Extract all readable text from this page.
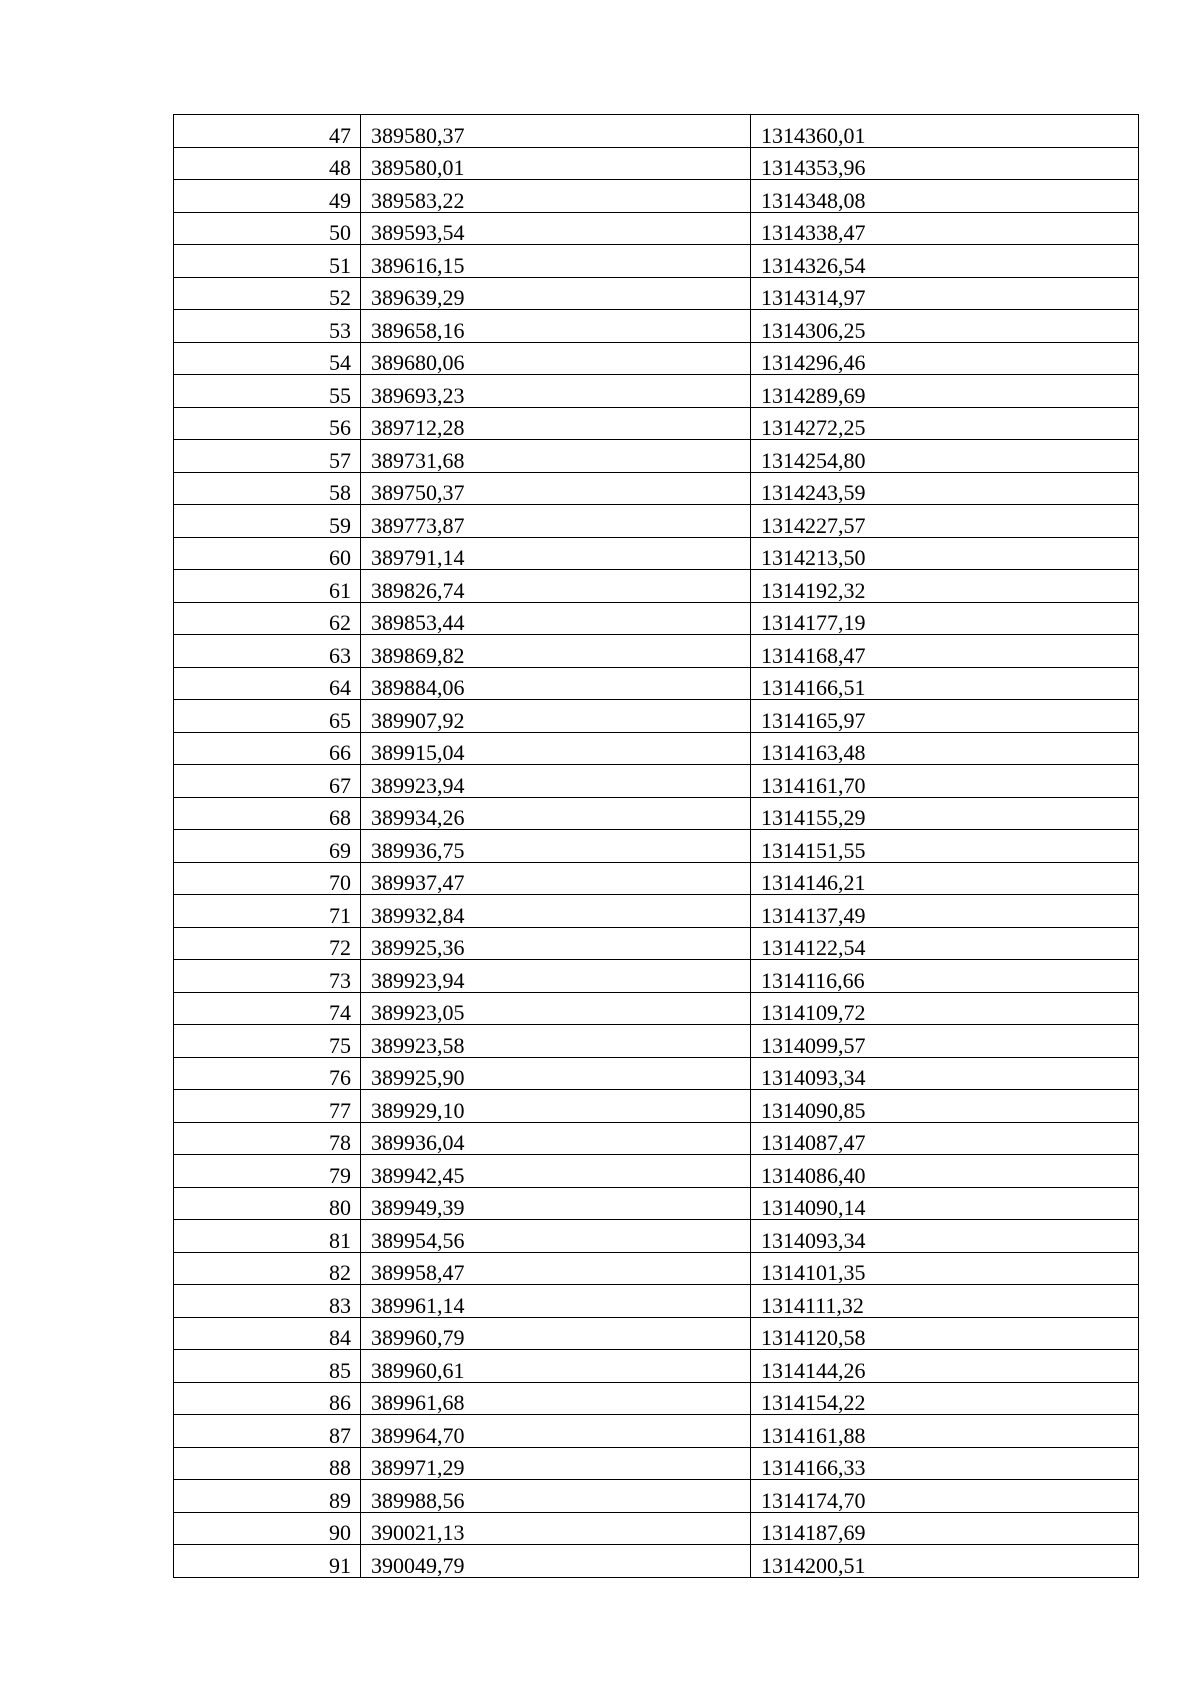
47	389580,37	1314360,01
48	389580,01	1314353,96
49	389583,22	1314348,08
50	389593,54	1314338,47
51	389616,15	1314326,54
52	389639,29	1314314,97
53	389658,16	1314306,25
54	389680,06	1314296,46
55	389693,23	1314289,69
56	389712,28	1314272,25
57	389731,68	1314254,80
58	389750,37	1314243,59
59	389773,87	1314227,57
60	389791,14	1314213,50
61	389826,74	1314192,32
62	389853,44	1314177,19
63	389869,82	1314168,47
64	389884,06	1314166,51
65	389907,92	1314165,97
66	389915,04	1314163,48
67	389923,94	1314161,70
68	389934,26	1314155,29
69	389936,75	1314151,55
70	389937,47	1314146,21
71	389932,84	1314137,49
72	389925,36	1314122,54
73	389923,94	1314116,66
74	389923,05	1314109,72
75	389923,58	1314099,57
76	389925,90	1314093,34
77	389929,10	1314090,85
78	389936,04	1314087,47
79	389942,45	1314086,40
80	389949,39	1314090,14
81	389954,56	1314093,34
82	389958,47	1314101,35
83	389961,14	1314111,32
84	389960,79	1314120,58
85	389960,61	1314144,26
86	389961,68	1314154,22
87	389964,70	1314161,88
88	389971,29	1314166,33
89	389988,56	1314174,70
90	390021,13	1314187,69
91	390049,79	1314200,51
